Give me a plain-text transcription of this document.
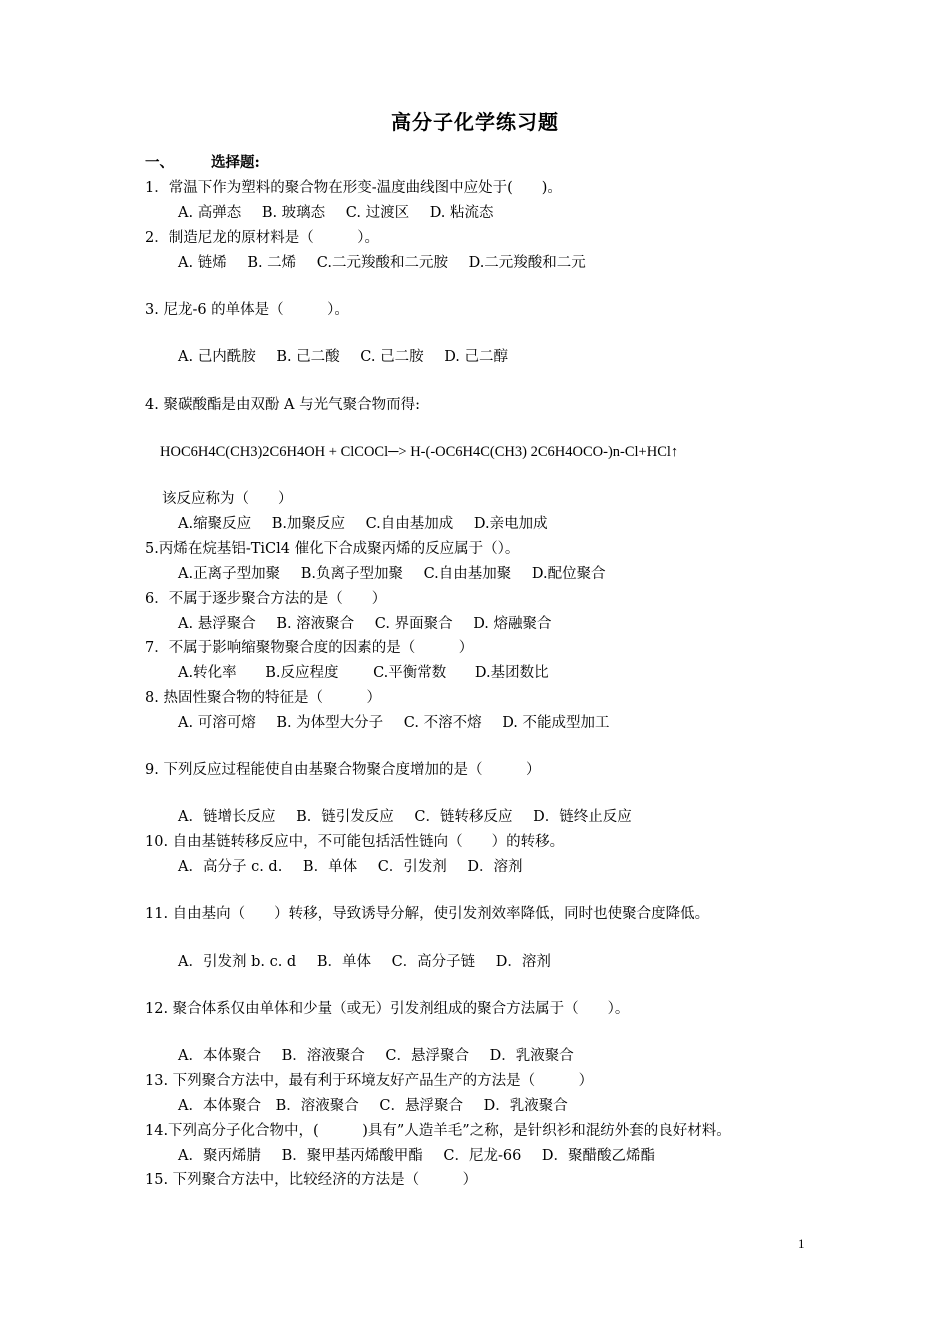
高分子化学练习题
一、	选择题:
1．常温下作为塑料的聚合物在形变-温度曲线图中应处于(　　)。
A. 高弹态 B. 玻璃态 C. 过渡区 D. 粘流态
2．制造尼龙的原材料是（　　　）。
A. 链烯 B. 二烯 C.二元羧酸和二元胺 D.二元羧酸和二元
3. 尼龙-6 的单体是（　　　）。
A. 己内酰胺 B. 己二酸 C. 己二胺 D. 己二醇
4. 聚碳酸酯是由双酚 A 与光气聚合物而得:
HOC6H4C(CH3)2C6H4OH + ClCOCl─> H-(-OC6H4C(CH3) 2C6H4OCO-)n-Cl+HCl↑
该反应称为（　　）
A.缩聚反应 B.加聚反应 C.自由基加成 D.亲电加成
5.丙烯在烷基铝-TiCl4 催化下合成聚丙烯的反应属于（）。
A.正离子型加聚 B.负离子型加聚 C.自由基加聚 D.配位聚合
6．不属于逐步聚合方法的是（　　）
A. 悬浮聚合 B. 溶液聚合 C. 界面聚合 D. 熔融聚合
7．不属于影响缩聚物聚合度的因素的是（　　　）
A.转化率 B.反应程度 C.平衡常数 D.基团数比
8. 热固性聚合物的特征是（　　　）
A. 可溶可熔 B. 为体型大分子 C. 不溶不熔 D. 不能成型加工
9. 下列反应过程能使自由基聚合物聚合度增加的是（　　　）
A．链增长反应 B．链引发反应 C．链转移反应 D．链终止反应
10. 自由基链转移反应中，不可能包括活性链向（　　）的转移。
A．高分子 c. d. B．单体 C．引发剂 D．溶剂
11. 自由基向（　　）转移，导致诱导分解，使引发剂效率降低，同时也使聚合度降低。
A．引发剂 b. c. d B．单体 C．高分子链 D．溶剂
12. 聚合体系仅由单体和少量（或无）引发剂组成的聚合方法属于（　　）。
A．本体聚合 B．溶液聚合 C．悬浮聚合 D．乳液聚合
13. 下列聚合方法中，最有利于环境友好产品生产的方法是（　　　）
A．本体聚合 B．溶液聚合 C．悬浮聚合 D．乳液聚合
14.下列高分子化合物中，(　　　)具有”人造羊毛”之称，是针织衫和混纺外套的良好材料。
A．聚丙烯腈 B．聚甲基丙烯酸甲酯 C．尼龙-66 D．聚醋酸乙烯酯
15. 下列聚合方法中，比较经济的方法是（　　　）
1
